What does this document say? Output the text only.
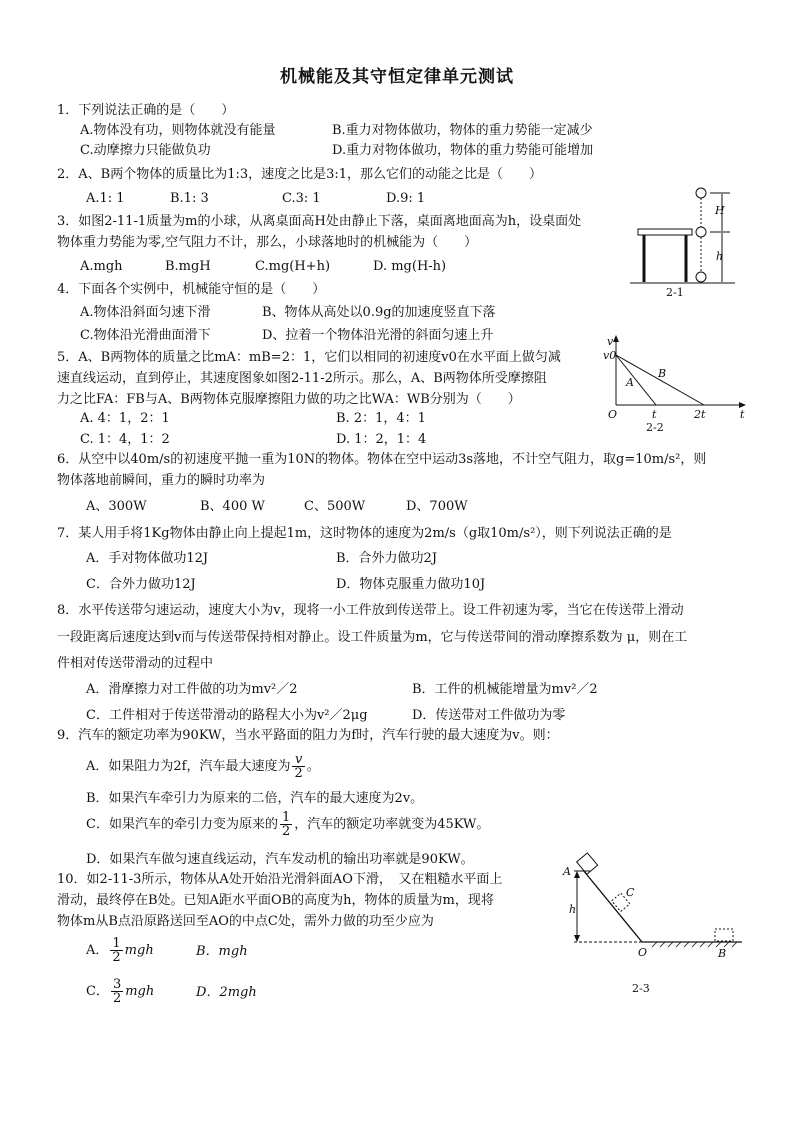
机械能及其守恒定律单元测试
1．下列说法正确的是（　　）
A.物体没有功，则物体就没有能量	B.重力对物体做功，物体的重力势能一定减少
C.动摩擦力只能做负功	D.重力对物体做功，物体的重力势能可能增加
2．A、B两个物体的质量比为1:3，速度之比是3:1，那么它们的动能之比是（　　）
A.1: 1	B.1: 3	C.3: 1	D.9: 1
3．如图2-11-1质量为m的小球，从离桌面高H处由静止下落，桌面离地面高为h，设桌面处
物体重力势能为零,空气阻力不计，那么，小球落地时的机械能为（　　）
A.mgh	B.mgH	C.mg(H+h)	D. mg(H-h)
H
h
2-1
4．下面各个实例中，机械能守恒的是（　　）
A.物体沿斜面匀速下滑	B、物体从高处以0.9g的加速度竖直下落
C.物体沿光滑曲面滑下	D、拉着一个物体沿光滑的斜面匀速上升
5．A、B两物体的质量之比mA：mB=2：1，它们以相同的初速度v0在水平面上做匀减
速直线运动，直到停止，其速度图象如图2-11-2所示。那么，A、B两物体所受摩擦阻
力之比FA：FB与A、B两物体克服摩擦阻力做的功之比WA：WB分别为（　　）
A. 4：1，2：1	B. 2：1，4：1
C. 1：4，1：2	D. 1：2，1：4
v
v0
A
B
O	t	2t	t
2-2
6．从空中以40m/s的初速度平抛一重为10N的物体。物体在空中运动3s落地，不计空气阻力，取g=10m/s²，则
物体落地前瞬间，重力的瞬时功率为
A、300W	B、400 W	C、500W	D、700W
7．某人用手将1Kg物体由静止向上提起1m，这时物体的速度为2m/s（g取10m/s²），则下列说法正确的是
A．手对物体做功12J	B．合外力做功2J
C．合外力做功12J	D．物体克服重力做功10J
8．水平传送带匀速运动，速度大小为v，现将一小工件放到传送带上。设工件初速为零，当它在传送带上滑动
一段距离后速度达到v而与传送带保持相对静止。设工件质量为m，它与传送带间的滑动摩擦系数为 μ，则在工
件相对传送带滑动的过程中
A．滑摩擦力对工件做的功为mv²／2	B．工件的机械能增量为mv²／2
C．工件相对于传送带滑动的路程大小为v²／2μg	D．传送带对工件做功为零
9．汽车的额定功率为90KW，当水平路面的阻力为f时，汽车行驶的最大速度为v。则：
A．如果阻力为2f，汽车最大速度为 $\frac{v}{2}$ 。
B．如果汽车牵引力为原来的二倍，汽车的最大速度为2v。
C．如果汽车的牵引力变为原来的 $\frac{1}{2}$ ，汽车的额定功率就变为45KW。
D．如果汽车做匀速直线运动，汽车发动机的输出功率就是90KW。
10．如2-11-3所示，物体从A处开始沿光滑斜面AO下滑，　又在粗糙水平面上
滑动，最终停在B处。已知A距水平面OB的高度为h，物体的质量为m，现将
物体m从B点沿原路送回至AO的中点C处，需外力做的功至少应为
A． $\frac{1}{2}$ mgh	B．mgh
C． $\frac{3}{2}$ mgh	D．2mgh
A
C
h
O	B
2-3
